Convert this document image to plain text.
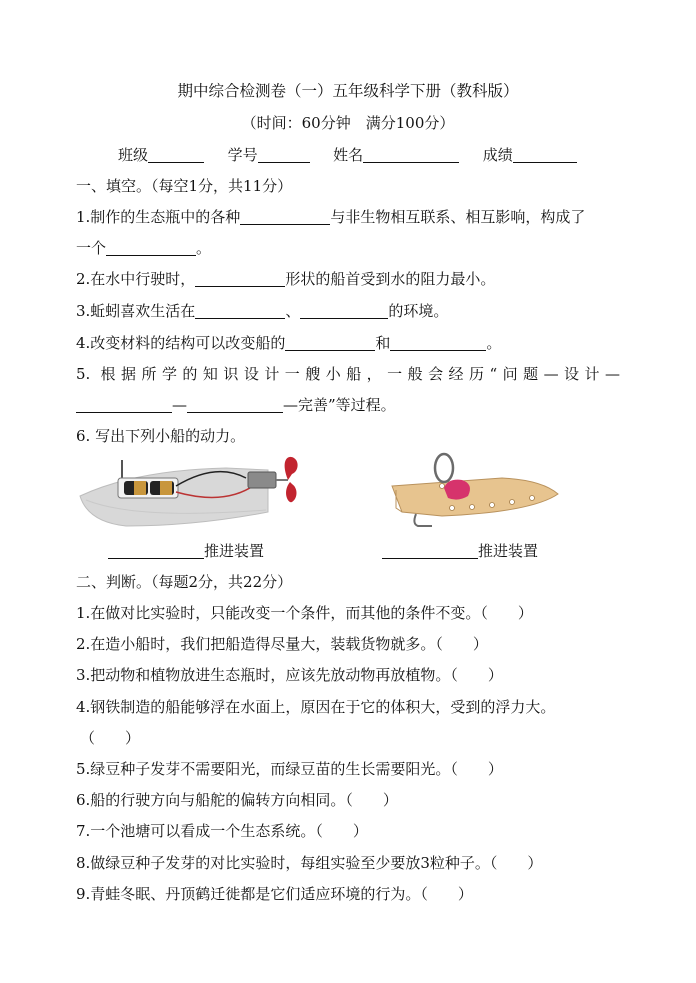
期中综合检测卷（一）五年级科学下册（教科版）
（时间：60分钟　满分100分）
班级	学号	姓名	成绩
一、填空。（每空1分，共11分）
1.制作的生态瓶中的各种	与非生物相互联系、相互影响，构成了
一个	。
2.在水中行驶时，	形状的船首受到水的阻力最小。
3.蚯蚓喜欢生活在	、	的环境。
4.改变材料的结构可以改变船的	和	。
5. 根据所学的知识设计一艘小船，一般会经历“问题—设计—
—	—完善”等过程。
6. 写出下列小船的动力。
推进装置	推进装置
二、判断。（每题2分，共22分）
1.在做对比实验时，只能改变一个条件，而其他的条件不变。（　　）
2.在造小船时，我们把船造得尽量大，装载货物就多。（　　）
3.把动物和植物放进生态瓶时，应该先放动物再放植物。（　　）
4.钢铁制造的船能够浮在水面上，原因在于它的体积大，受到的浮力大。
（　　）
5.绿豆种子发芽不需要阳光，而绿豆苗的生长需要阳光。（　　）
6.船的行驶方向与船舵的偏转方向相同。（　　）
7.一个池塘可以看成一个生态系统。（　　）
8.做绿豆种子发芽的对比实验时，每组实验至少要放3粒种子。（　　）
9.青蛙冬眠、丹顶鹤迁徙都是它们适应环境的行为。（　　）
